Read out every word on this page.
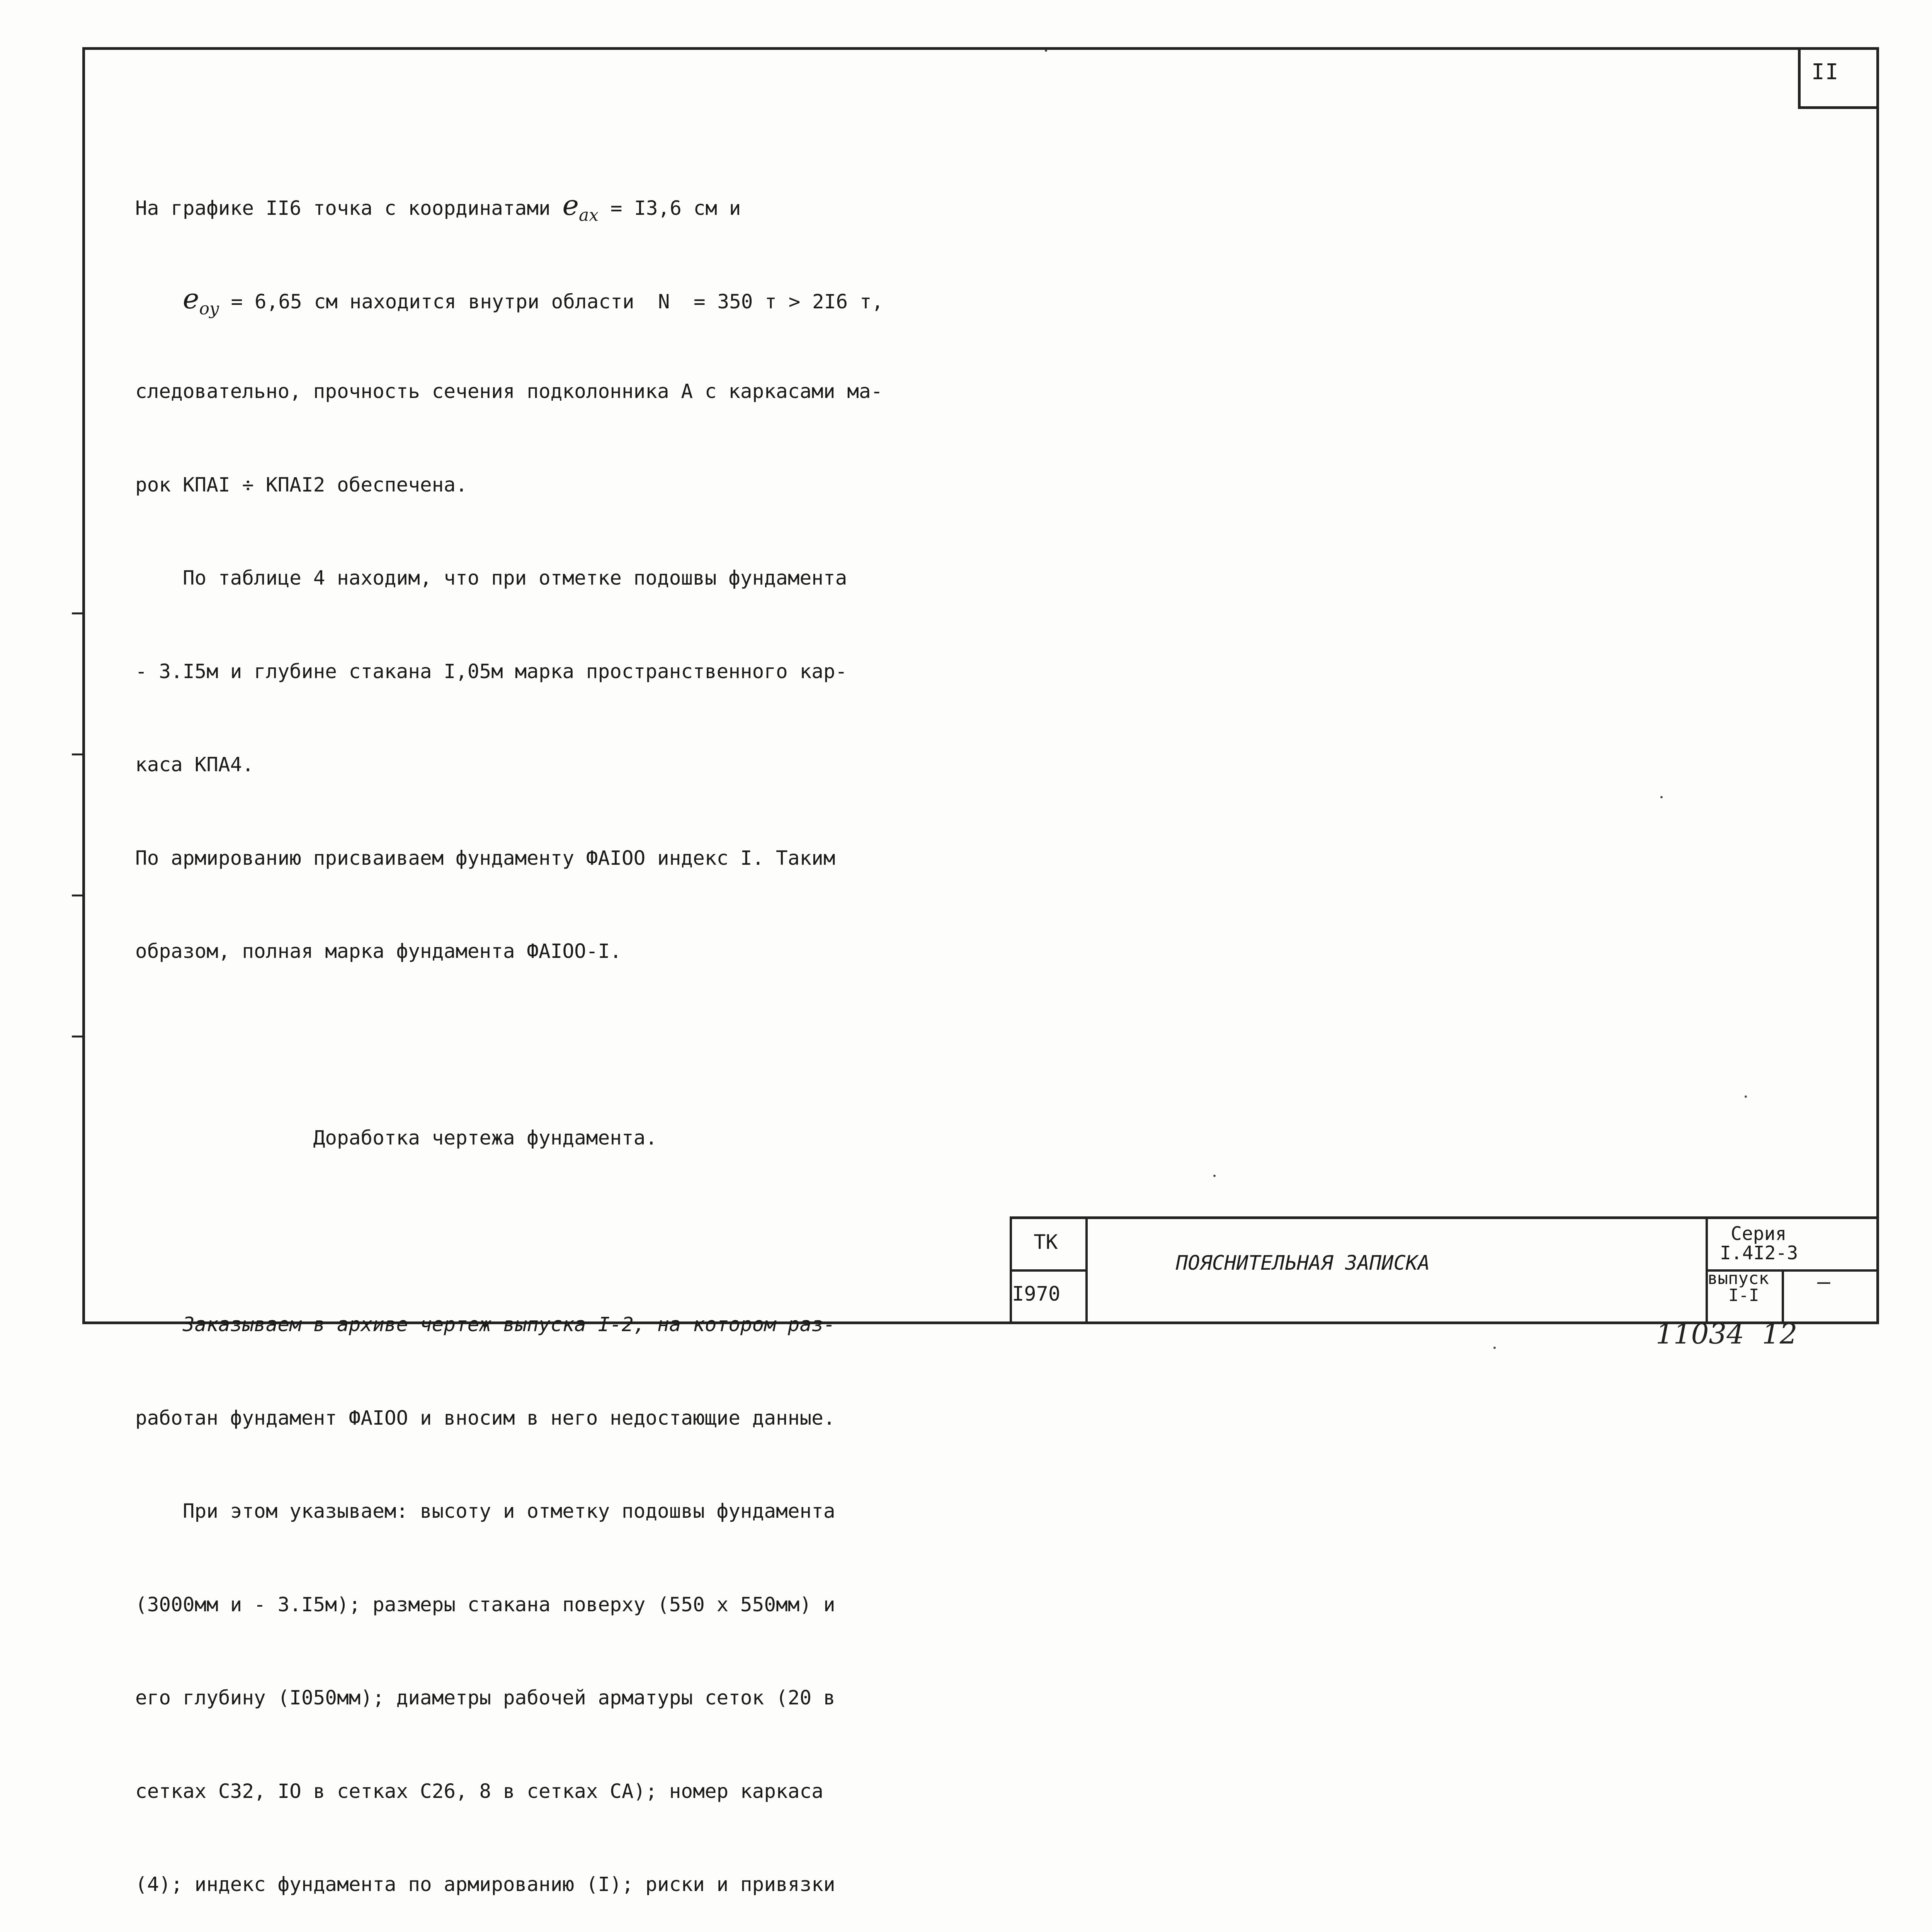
II

На графике II6 точка с координатами $e_{ax} = I3,6$ см и

$e_{oy} = 6,65$ см находится внутри области  N  = 350 т > 2I6 т,

следовательно, прочность сечения подколонника А с каркасами ма-

рок КПАI ÷ КПАI2 обеспечена.

По таблице 4 находим, что при отметке подошвы фундамента

- 3.I5м и глубине стакана I,05м марка пространственного кар-

каса КПА4.

По армированию присваиваем фундаменту ФАIOO индекс I. Таким

образом, полная марка фундамента ФАIOO-I.

Доработка чертежа фундамента.

Заказываем в архиве чертеж выпуска I-2, на котором раз-

работан фундамент ФАIOO и вносим в него недостающие данные.

При этом указываем: высоту и отметку подошвы фундамента

(3000мм и - 3.I5м); размеры стакана поверху (550 х 550мм) и

его глубину (I050мм); диаметры рабочей арматуры сеток (20 в

сетках С32, IO в сетках С26, 8 в сетках СА); номер каркаса

(4); индекс фундамента по армированию (I); риски и привязки

ТК
I970
ПОЯСНИТЕЛЬНАЯ ЗАПИСКА
Серия
I.4I2-3
выпуск
I-I
–
11034 12
